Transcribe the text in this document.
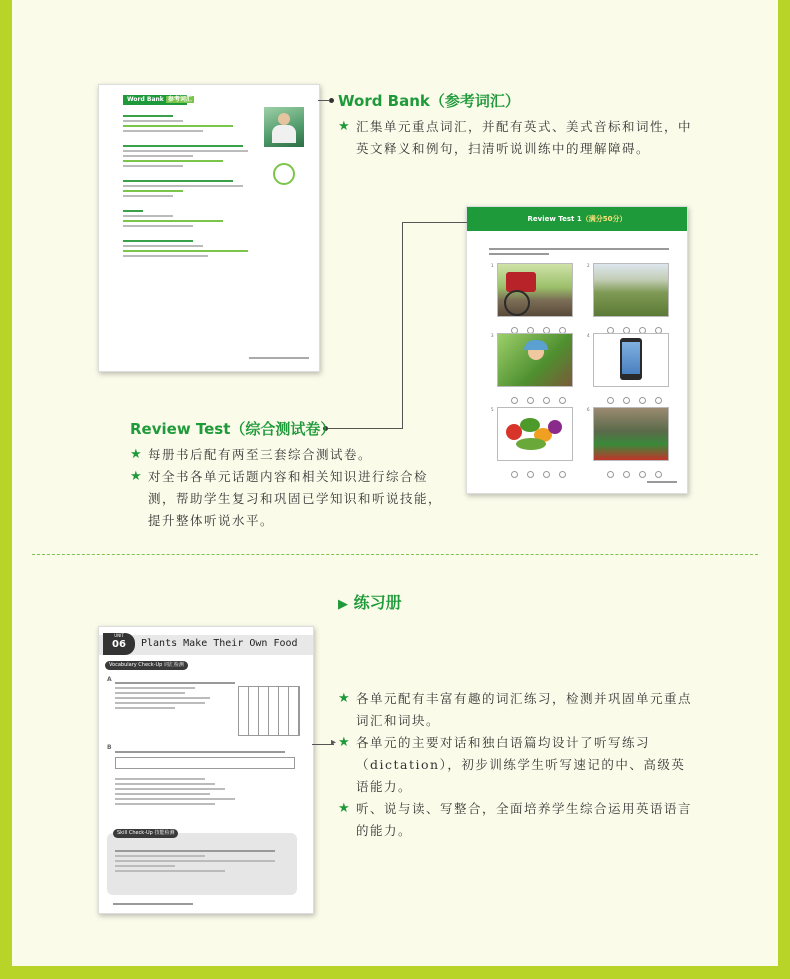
Word Bank 参考词汇	Word Bank（参考词汇）
★ 汇集单元重点词汇，并配有英式、美式音标和词性，中英文释义和例句，扫清听说训练中的理解障碍。
Review Test 1（满分50分）
1	2
3	4
5	6
Review Test（综合测试卷）
★ 每册书后配有两至三套综合测试卷。
★ 对全书各单元话题内容和相关知识进行综合检测，帮助学生复习和巩固已学知识和听说技能，提升整体听说水平。
▶ 练习册
UNIT
06	Plants Make Their Own Food
Vocabulary Check-Up 词汇检测
A
B
Skill Check-Up 技能检测
▸
★ 各单元配有丰富有趣的词汇练习，检测并巩固单元重点词汇和词块。
★ 各单元的主要对话和独白语篇均设计了听写练习（dictation），初步训练学生听写速记的中、高级英语能力。
★ 听、说与读、写整合，全面培养学生综合运用英语语言的能力。
